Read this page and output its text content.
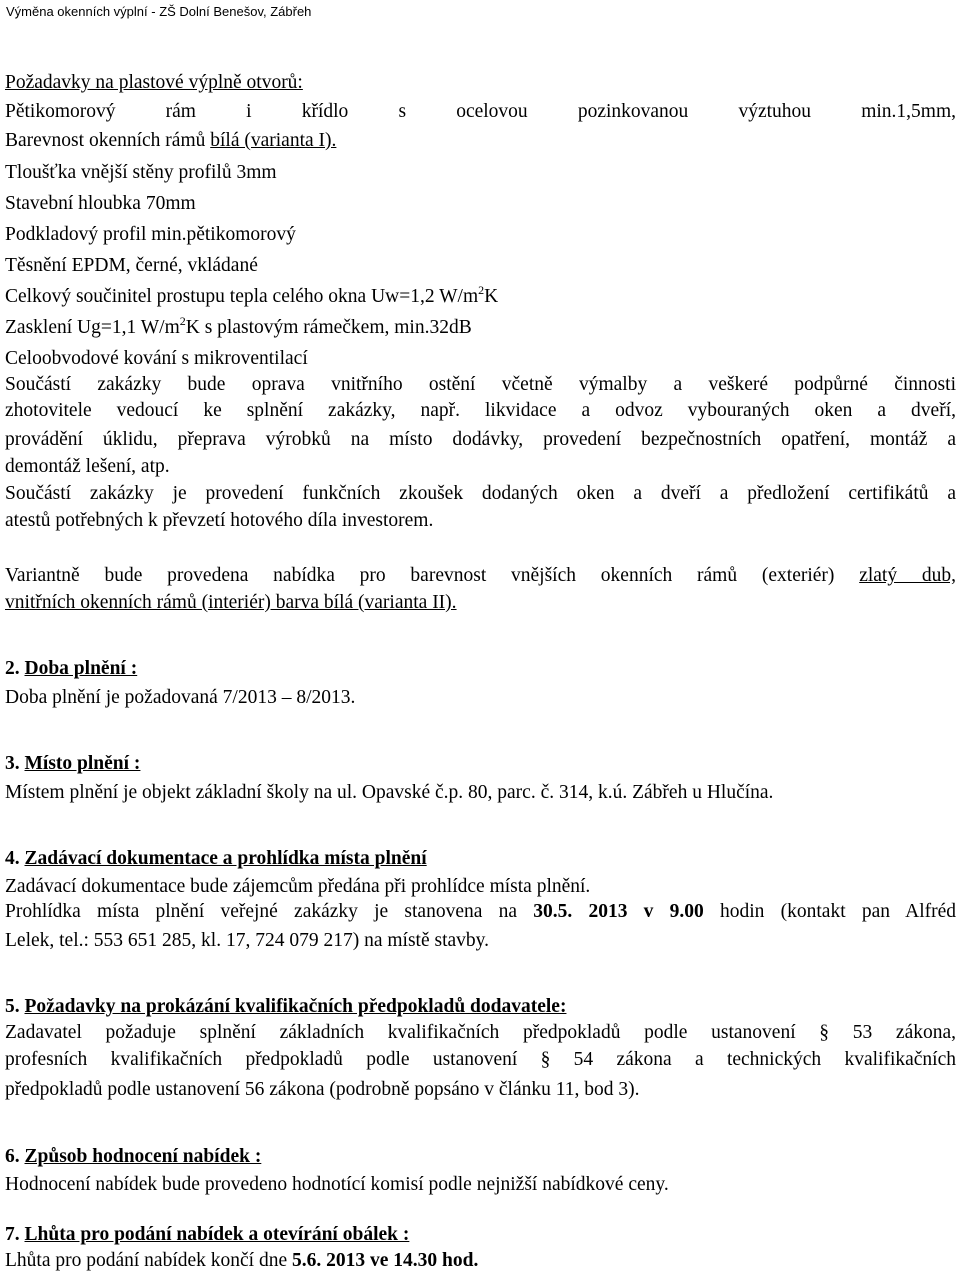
Výměna okenních výplní - ZŠ Dolní Benešov, Zábřeh
Požadavky na plastové výplně otvorů:
Pětikomorový rám i křídlo s ocelovou pozinkovanou výztuhou min.1,5mm,
Barevnost okenních rámů bílá (varianta I).
Tloušťka vnější stěny profilů 3mm
Stavební hloubka 70mm
Podkladový profil min.pětikomorový
Těsnění EPDM, černé, vkládané
Celkový součinitel prostupu tepla celého okna Uw=1,2 $W/m^2K$
Zasklení Ug=1,1 $W/m^2K$ s plastovým rámečkem, min.32dB
Celoobvodové kování s mikroventilací
Součástí zakázky bude oprava vnitřního ostění včetně výmalby a veškeré podpůrné činnosti
zhotovitele vedoucí ke splnění zakázky, např. likvidace a odvoz vybouraných oken a dveří,
provádění úklidu, přeprava výrobků na místo dodávky, provedení bezpečnostních opatření, montáž a
demontáž lešení, atp.
Součástí zakázky je provedení funkčních zkoušek dodaných oken a dveří a předložení certifikátů a
atestů potřebných k převzetí hotového díla investorem.
Variantně bude provedena nabídka pro barevnost vnějších okenních rámů (exteriér) zlatý dub,
vnitřních okenních rámů (interiér) barva bílá (varianta II).
2. Doba plnění :
Doba plnění je požadovaná 7/2013 – 8/2013.
3. Místo plnění :
Místem plnění je objekt základní školy na ul. Opavské č.p. 80, parc. č. 314, k.ú. Zábřeh u Hlučína.
4. Zadávací dokumentace a prohlídka místa plnění
Zadávací dokumentace bude zájemcům předána při prohlídce místa plnění.
Prohlídka místa plnění veřejné zakázky je stanovena na 30.5. 2013 v 9.00 hodin (kontakt pan Alfréd
Lelek, tel.: 553 651 285, kl. 17, 724 079 217) na místě stavby.
5. Požadavky na prokázání kvalifikačních předpokladů dodavatele:
Zadavatel požaduje splnění základních kvalifikačních předpokladů podle ustanovení § 53 zákona,
profesních kvalifikačních předpokladů podle ustanovení § 54 zákona a technických kvalifikačních
předpokladů podle ustanovení 56 zákona (podrobně popsáno v článku 11, bod 3).
6. Způsob hodnocení nabídek :
Hodnocení nabídek bude provedeno hodnotící komisí podle nejnižší nabídkové ceny.
7. Lhůta pro podání nabídek a otevírání obálek :
Lhůta pro podání nabídek končí dne 5.6. 2013 ve 14.30 hod.
